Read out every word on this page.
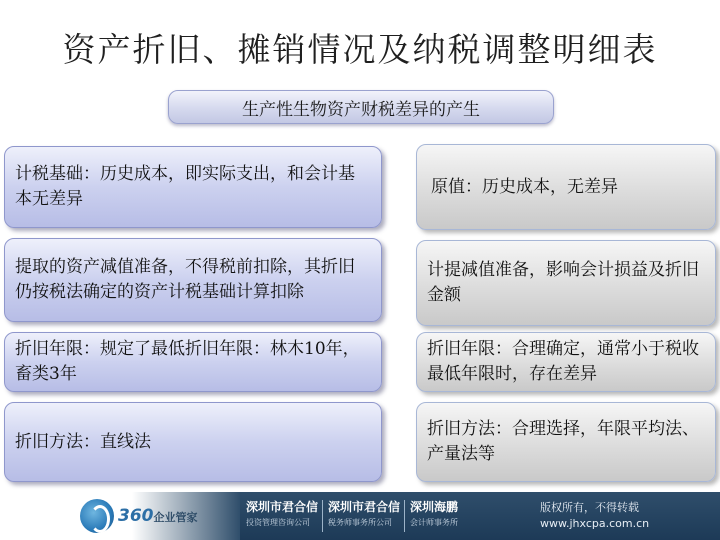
资产折旧、摊销情况及纳税调整明细表
生产性生物资产财税差异的产生
计税基础：历史成本，即实际支出，和会计基本无差异
提取的资产减值准备，不得税前扣除，其折旧仍按税法确定的资产计税基础计算扣除
折旧年限：规定了最低折旧年限：林木10年，畜类3年
折旧方法：直线法
原值：历史成本，无差异
计提减值准备，影响会计损益及折旧金额
折旧年限：合理确定，通常小于税收最低年限时，存在差异
折旧方法：合理选择，年限平均法、产量法等
360企业管家
深圳市君合信
投资管理咨询公司
深圳市君合信
税务师事务所公司
深圳海鹏
会计师事务所
版权所有，不得转载
www.jhxcpa.com.cn
